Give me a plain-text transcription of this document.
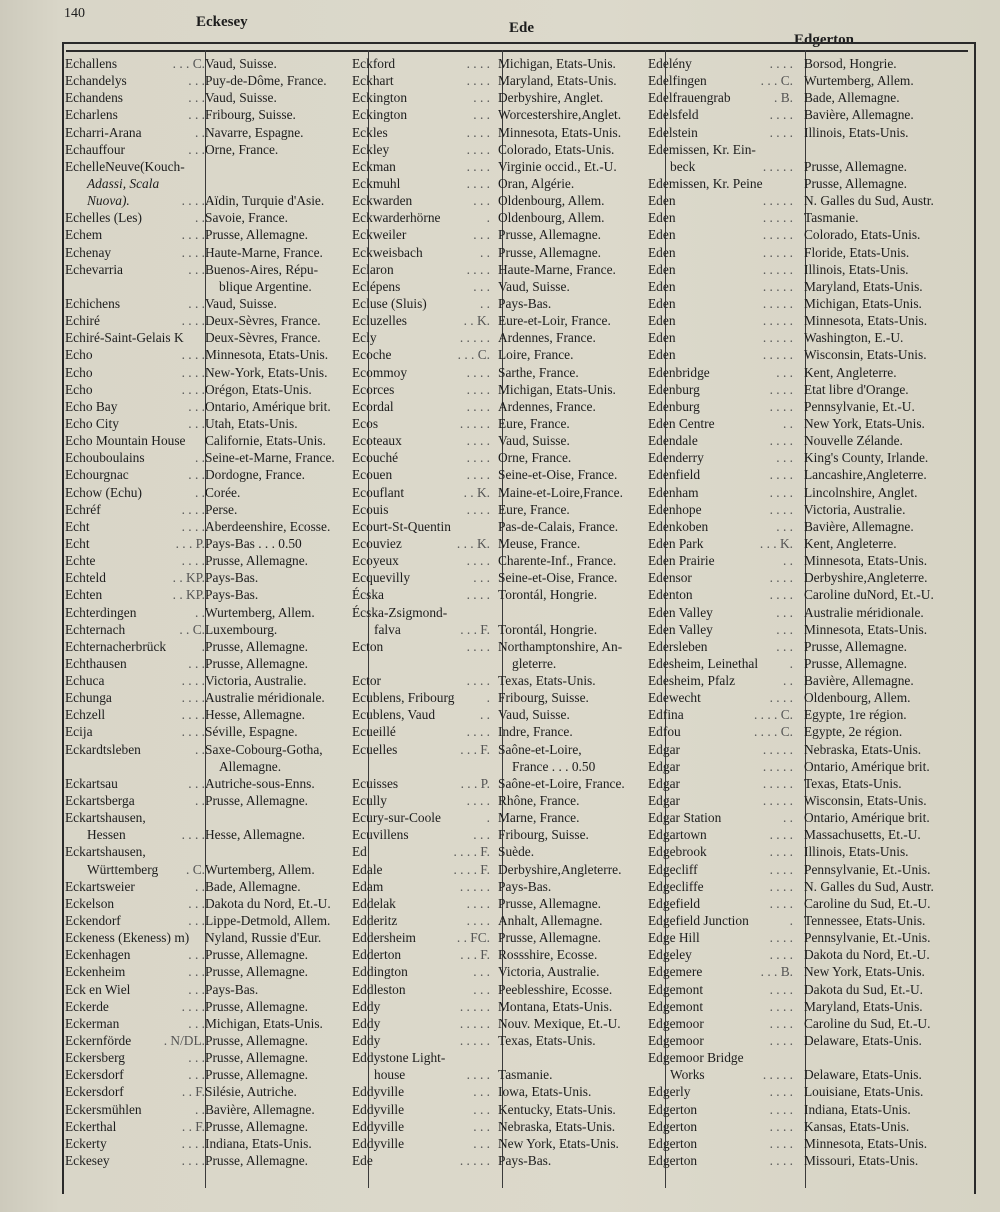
140
Eckesey	Ede
Edgerton
Echallens	. . . C. Vaud, Suisse.
Echandelys	. . . Puy-de-Dôme, France.
Echandens	. . . Vaud, Suisse.
Echarlens	. . . Fribourg, Suisse.
Echarri-Arana	. . Navarre, Espagne.
Echauffour	. . . Orne, France.
EchelleNeuve(Kouch-
Adassi, Scala
Nuova).	. . . . Aïdin, Turquie d'Asie.
Echelles (Les)	. . Savoie, France.
Echem	. . . . Prusse, Allemagne.
Echenay	. . . . Haute-Marne, France.
Echevarria	. . . Buenos-Aires, Répu-
blique Argentine.
Echichens	. . . Vaud, Suisse.
Echiré	. . . . Deux-Sèvres, France.
Echiré-Saint-Gelais K Deux-Sèvres, France.
Echo	. . . . Minnesota, Etats-Unis.
Echo	. . . . New-York, Etats-Unis.
Echo	. . . . Orégon, Etats-Unis.
Echo Bay	. . . Ontario, Amérique brit.
Echo City	. . . Utah, Etats-Unis.
Echo Mountain House Californie, Etats-Unis.
Echouboulains	. . Seine-et-Marne, France.
Echourgnac	. . . Dordogne, France.
Echow (Echu)	. . Corée.
Echréf	. . . . Perse.
Echt	. . . . Aberdeenshire, Ecosse.
Echt	. . . P. Pays-Bas . . . 0.50
Echte	. . . . Prusse, Allemagne.
Echteld	. . KP. Pays-Bas.
Echten	. . KP. Pays-Bas.
Echterdingen	. . Wurtemberg, Allem.
Echternach	. . C. Luxembourg.
Echternacherbrück	. Prusse, Allemagne.
Echthausen	. . . Prusse, Allemagne.
Echuca	. . . . Victoria, Australie.
Echunga	. . . . Australie méridionale.
Echzell	. . . . Hesse, Allemagne.
Ecija	. . . . Séville, Espagne.
Eckardtsleben	. . Saxe-Cobourg-Gotha,
Allemagne.
Eckartsau	. . . Autriche-sous-Enns.
Eckartsberga	. . Prusse, Allemagne.
Eckartshausen,
Hessen	. . . . Hesse, Allemagne.
Eckartshausen,
Württemberg . C. Wurtemberg, Allem.
Eckartsweier	. . Bade, Allemagne.
Eckelson	. . . Dakota du Nord, Et.-U.
Eckendorf	. . . Lippe-Detmold, Allem.
Eckeness (Ekeness) m) Nyland, Russie d'Eur.
Eckenhagen	. . . Prusse, Allemagne.
Eckenheim	. . . Prusse, Allemagne.
Eck en Wiel	. . . Pays-Bas.
Eckerde	. . . . Prusse, Allemagne.
Eckerman	. . . Michigan, Etats-Unis.
Eckernförde . N/DL. Prusse, Allemagne.
Eckersberg	. . . Prusse, Allemagne.
Eckersdorf	. . . Prusse, Allemagne.
Eckersdorf	. . F. Silésie, Autriche.
Eckersmühlen	. . Bavière, Allemagne.
Eckerthal	. . F. Prusse, Allemagne.
Eckerty	. . . . Indiana, Etats-Unis.
Eckesey	. . . . Prusse, Allemagne.
Eckford	. . . . Michigan, Etats-Unis.
Eckhart	. . . . Maryland, Etats-Unis.
Eckington	. . . Derbyshire, Anglet.
Eckington	. . . Worcestershire,Anglet.
Eckles	. . . . Minnesota, Etats-Unis.
Eckley	. . . . Colorado, Etats-Unis.
Eckman	. . . . Virginie occid., Et.-U.
Eckmuhl	. . . . Oran, Algérie.
Eckwarden	. . . Oldenbourg, Allem.
Eckwarderhörne	. Oldenbourg, Allem.
Eckweiler	. . . Prusse, Allemagne.
Eckweisbach	. . Prusse, Allemagne.
Eclaron	. . . . Haute-Marne, France.
Eclépens	. . . Vaud, Suisse.
Ecluse (Sluis)	. . Pays-Bas.
Ecluzelles	. . K. Eure-et-Loir, France.
Ecly	. . . . . Ardennes, France.
Ecoche	. . . C. Loire, France.
Ecommoy	. . . . Sarthe, France.
Ecorces	. . . . Michigan, Etats-Unis.
Ecordal	. . . . Ardennes, France.
Ecos	. . . . . Eure, France.
Ecoteaux	. . . . Vaud, Suisse.
Ecouché	. . . . Orne, France.
Ecouen	. . . . Seine-et-Oise, France.
Ecouflant	. . K. Maine-et-Loire,France.
Ecouis	. . . . Eure, France.
Ecourt-St-Quentin	Pas-de-Calais, France.
Ecouviez	. . . K. Meuse, France.
Ecoyeux	. . . . Charente-Inf., France.
Ecquevilly	. . . Seine-et-Oise, France.
Écska	. . . . Torontál, Hongrie.
Écska-Zsigmond-
falva	. . . F. Torontál, Hongrie.
Ecton	. . . . Northamptonshire, An-
gleterre.
Ector	. . . . Texas, Etats-Unis.
Ecublens, Fribourg . Fribourg, Suisse.
Ecublens, Vaud	. . Vaud, Suisse.
Ecueillé	. . . . Indre, France.
Ecuelles	. . . F. Saône-et-Loire,
France . . . 0.50
Ecuisses	. . . P. Saône-et-Loire, France.
Ecully	. . . . Rhône, France.
Ecury-sur-Coole	. Marne, France.
Ecuvillens	. . . Fribourg, Suisse.
Ed	. . . . F. Suède.
Edale	. . . . F. Derbyshire,Angleterre.
Edam	. . . . . Pays-Bas.
Eddelak	. . . . Prusse, Allemagne.
Edderitz	. . . . Anhalt, Allemagne.
Eddersheim	. . FC. Prusse, Allemagne.
Edderton	. . . F. Rossshire, Ecosse.
Eddington	. . . Victoria, Australie.
Eddleston	. . . Peeblesshire, Ecosse.
Eddy	. . . . . Montana, Etats-Unis.
Eddy	. . . . . Nouv. Mexique, Et.-U.
Eddy	. . . . . Texas, Etats-Unis.
Eddystone Light-
house	. . . . Tasmanie.
Eddyville	. . . Iowa, Etats-Unis.
Eddyville	. . . Kentucky, Etats-Unis.
Eddyville	. . . Nebraska, Etats-Unis.
Eddyville	. . . New York, Etats-Unis.
Ede	. . . . . Pays-Bas.
Edelény	. . . . Borsod, Hongrie.
Edelfingen	. . . C. Wurtemberg, Allem.
Edelfrauengrab	. B. Bade, Allemagne.
Edelsfeld	. . . . Bavière, Allemagne.
Edelstein	. . . . Illinois, Etats-Unis.
Edemissen, Kr. Ein-
beck	. . . . . Prusse, Allemagne.
Edemissen, Kr. Peine	Prusse, Allemagne.
Eden	. . . . . N. Galles du Sud, Austr.
Eden	. . . . . Tasmanie.
Eden	. . . . . Colorado, Etats-Unis.
Eden	. . . . . Floride, Etats-Unis.
Eden	. . . . . Illinois, Etats-Unis.
Eden	. . . . . Maryland, Etats-Unis.
Eden	. . . . . Michigan, Etats-Unis.
Eden	. . . . . Minnesota, Etats-Unis.
Eden	. . . . . Washington, E.-U.
Eden	. . . . . Wisconsin, Etats-Unis.
Edenbridge	. . . Kent, Angleterre.
Edenburg	. . . . Etat libre d'Orange.
Edenburg	. . . . Pennsylvanie, Et.-U.
Eden Centre	. . New York, Etats-Unis.
Edendale	. . . . Nouvelle Zélande.
Edenderry	. . . King's County, Irlande.
Edenfield	. . . . Lancashire,Angleterre.
Edenham	. . . . Lincolnshire, Anglet.
Edenhope	. . . . Victoria, Australie.
Edenkoben	. . . Bavière, Allemagne.
Eden Park	. . . K. Kent, Angleterre.
Eden Prairie	. . Minnesota, Etats-Unis.
Edensor	. . . . Derbyshire,Angleterre.
Edenton	. . . . Caroline duNord, Et.-U.
Eden Valley	. . . Australie méridionale.
Eden Valley	. . . Minnesota, Etats-Unis.
Edersleben	. . . Prusse, Allemagne.
Edesheim, Leinethal . Prusse, Allemagne.
Edesheim, Pfalz	. . Bavière, Allemagne.
Edewecht	. . . . Oldenbourg, Allem.
Edfina	. . . . C. Egypte, 1re région.
Edfou	. . . . C. Egypte, 2e région.
Edgar	. . . . . Nebraska, Etats-Unis.
Edgar	. . . . . Ontario, Amérique brit.
Edgar	. . . . . Texas, Etats-Unis.
Edgar	. . . . . Wisconsin, Etats-Unis.
Edgar Station	. . Ontario, Amérique brit.
Edgartown	. . . . Massachusetts, Et.-U.
Edgebrook	. . . . Illinois, Etats-Unis.
Edgecliff	. . . . Pennsylvanie, Et.-Unis.
Edgecliffe	. . . . N. Galles du Sud, Austr.
Edgefield	. . . . Caroline du Sud, Et.-U.
Edgefield Junction	. Tennessee, Etats-Unis.
Edge Hill	. . . . Pennsylvanie, Et.-Unis.
Edgeley	. . . . Dakota du Nord, Et.-U.
Edgemere	. . . B. New York, Etats-Unis.
Edgemont	. . . . Dakota du Sud, Et.-U.
Edgemont	. . . . Maryland, Etats-Unis.
Edgemoor	. . . . Caroline du Sud, Et.-U.
Edgemoor	. . . . Delaware, Etats-Unis.
Edgemoor Bridge
Works	. . . . . Delaware, Etats-Unis.
Edgerly	. . . . Louisiane, Etats-Unis.
Edgerton	. . . . Indiana, Etats-Unis.
Edgerton	. . . . Kansas, Etats-Unis.
Edgerton	. . . . Minnesota, Etats-Unis.
Edgerton	. . . . Missouri, Etats-Unis.
